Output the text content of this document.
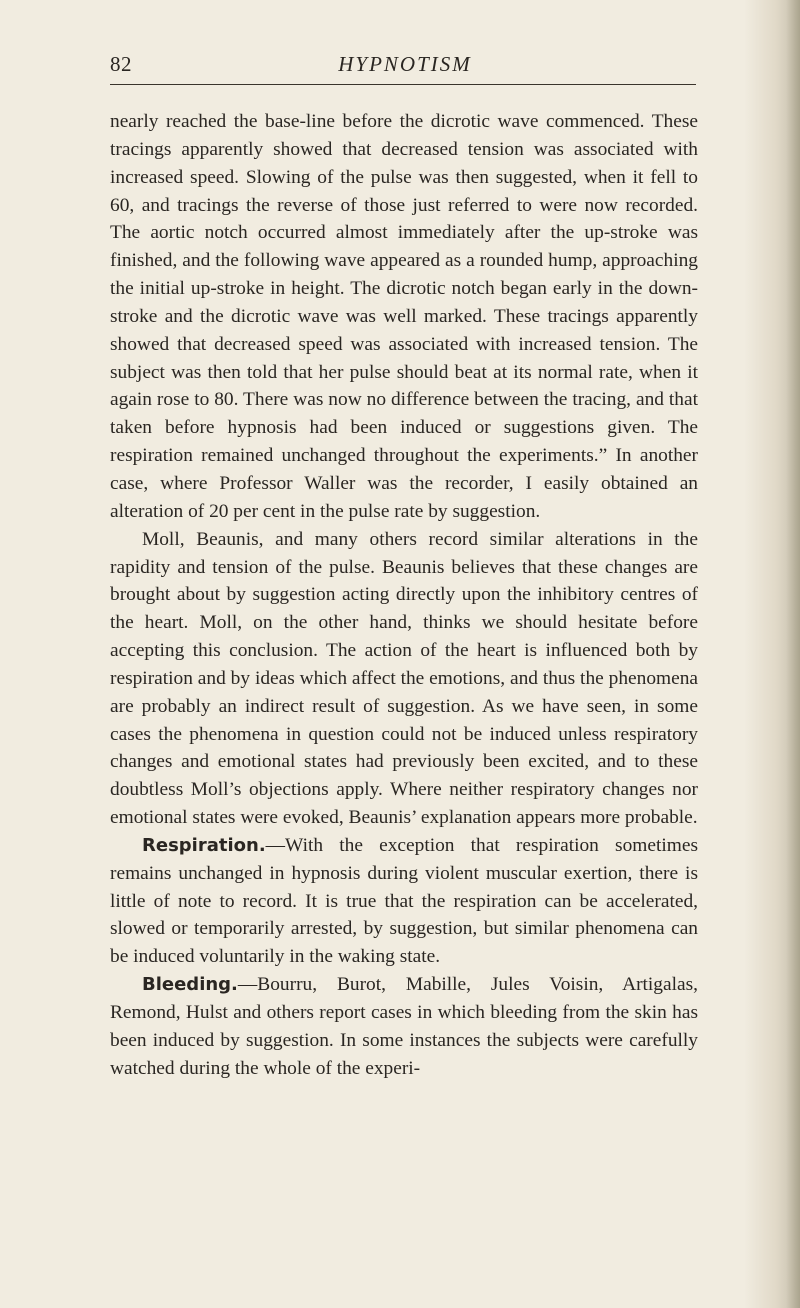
82	HYPNOTISM

nearly reached the base-line before the dicrotic wave commenced. These tracings apparently showed that decreased tension was associated with increased speed. Slowing of the pulse was then suggested, when it fell to 60, and tracings the reverse of those just referred to were now recorded. The aortic notch occurred almost immediately after the up-stroke was finished, and the following wave appeared as a rounded hump, approaching the initial up-stroke in height. The dicrotic notch began early in the down-stroke and the dicrotic wave was well marked. These tracings apparently showed that decreased speed was associated with increased tension. The subject was then told that her pulse should beat at its normal rate, when it again rose to 80. There was now no difference between the tracing, and that taken before hypnosis had been induced or suggestions given. The respiration remained unchanged throughout the experiments.” In another case, where Professor Waller was the recorder, I easily obtained an alteration of 20 per cent in the pulse rate by suggestion.

Moll, Beaunis, and many others record similar alterations in the rapidity and tension of the pulse. Beaunis believes that these changes are brought about by suggestion acting directly upon the inhibitory centres of the heart. Moll, on the other hand, thinks we should hesitate before accepting this conclusion. The action of the heart is influenced both by respiration and by ideas which affect the emotions, and thus the phenomena are probably an indirect result of suggestion. As we have seen, in some cases the phenomena in question could not be induced unless respiratory changes and emotional states had previously been excited, and to these doubtless Moll’s objections apply. Where neither respiratory changes nor emotional states were evoked, Beaunis’ explanation appears more probable.

Respiration.—With the exception that respiration sometimes remains unchanged in hypnosis during violent muscular exertion, there is little of note to record. It is true that the respiration can be accelerated, slowed or temporarily arrested, by suggestion, but similar phenomena can be induced voluntarily in the waking state.

Bleeding.—Bourru, Burot, Mabille, Jules Voisin, Artigalas, Remond, Hulst and others report cases in which bleeding from the skin has been induced by suggestion. In some instances the subjects were carefully watched during the whole of the experi-
